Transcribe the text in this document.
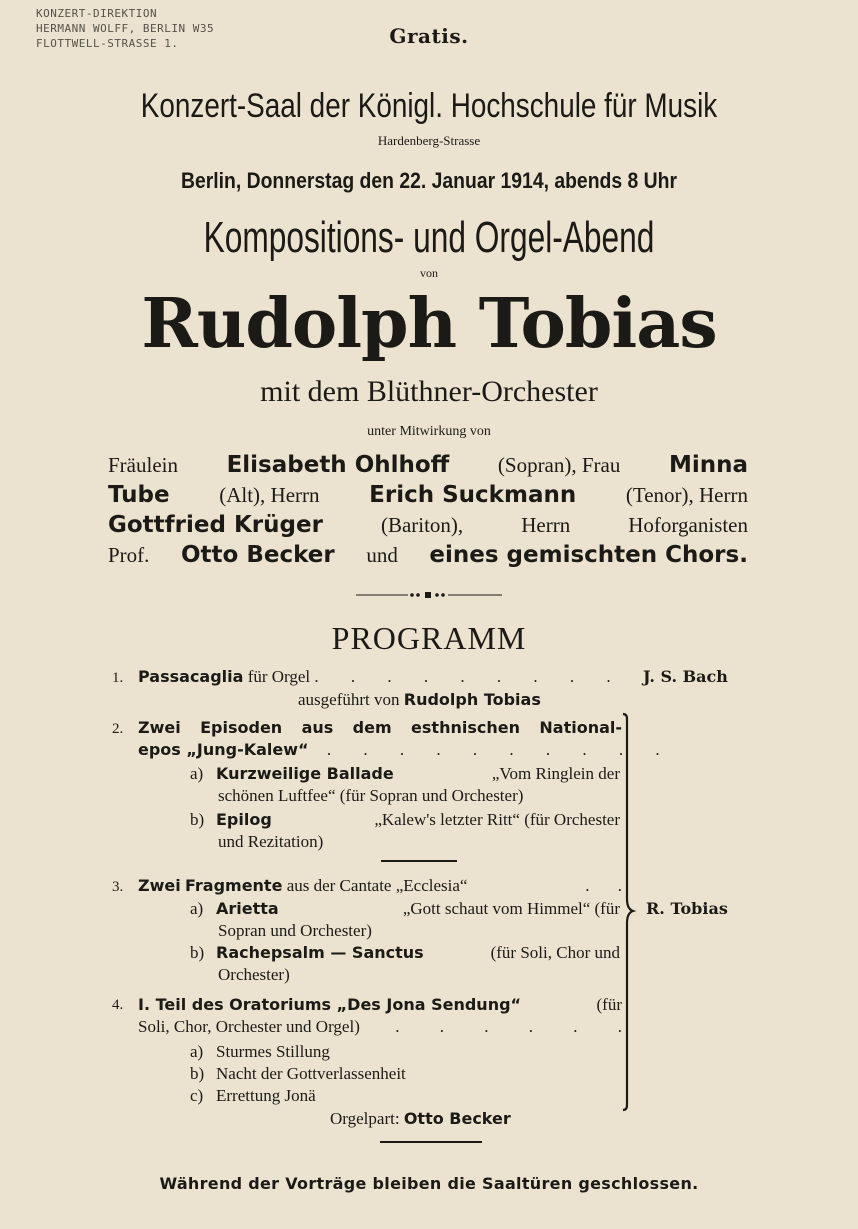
KONZERT-DIREKTION
HERMANN WOLFF, BERLIN W35
FLOTTWELL-STRASSE 1.	Gratis.
Konzert-Saal der Königl. Hochschule für Musik
Hardenberg-Strasse
Berlin, Donnerstag den 22. Januar 1914, abends 8 Uhr
Kompositions- und Orgel-Abend
von
Rudolph Tobias
mit dem Blüthner-Orchester
unter Mitwirkung von
Fräulein Elisabeth Ohlhoff (Sopran), Frau Minna
Tube (Alt), Herrn Erich Suckmann (Tenor), Herrn
Gottfried Krüger	(Bariton),	Herrn	Hoforganisten
Prof. Otto Becker und eines gemischten Chors.
PROGRAMM
1. Passacaglia für Orgel . . . . . . . . .	J. S. Bach
ausgeführt von Rudolph Tobias
2. Zwei Episoden aus dem esthnischen National-
epos „Jung-Kalew“ . . . . . . . . . .
a) Kurzweilige Ballade	„Vom Ringlein der
schönen Luftfee“ (für Sopran und Orchester)
b) Epilog	„Kalew's letzter Ritt“ (für Orchester
und Rezitation)
3. Zwei Fragmente aus der Cantate „Ecclesia“	. .
a) Arietta	„Gott schaut vom Himmel“ (für
Sopran und Orchester)
b) Rachepsalm — Sanctus	(für Soli, Chor und
Orchester)
4. I. Teil des Oratoriums „Des Jona Sendung“	(für
Soli, Chor, Orchester und Orgel)	. . . . . .
a) Sturmes Stillung
b) Nacht der Gottverlassenheit
c) Errettung Jonä
Orgelpart: Otto Becker
R. Tobias
Während der Vorträge bleiben die Saaltüren geschlossen.
